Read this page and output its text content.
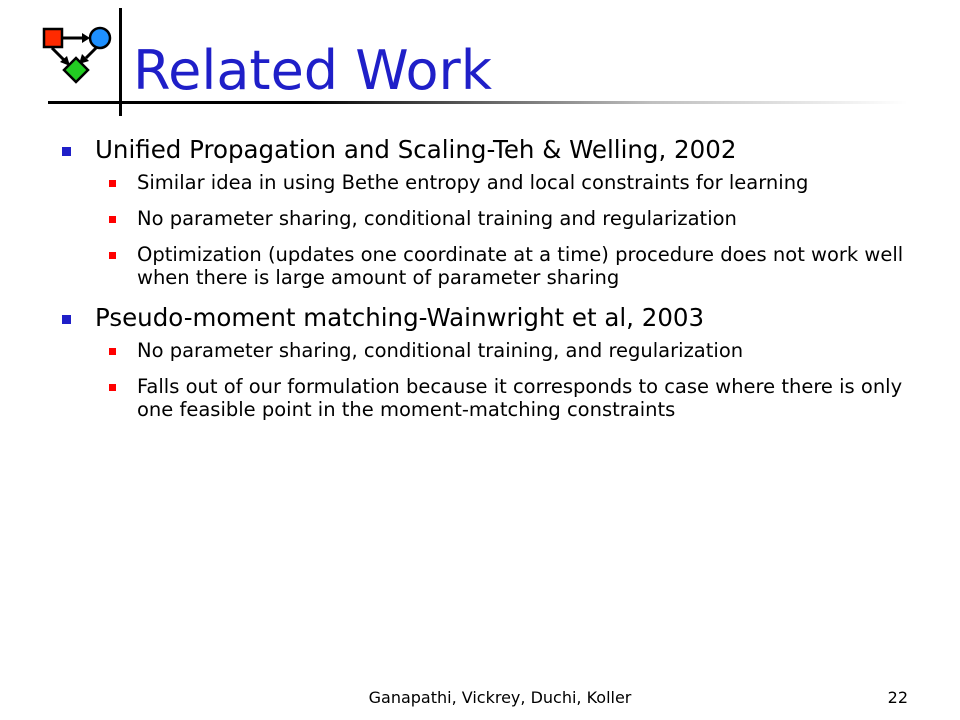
Related Work
Unified Propagation and Scaling-Teh & Welling, 2002
Similar idea in using Bethe entropy and local constraints for learning
No parameter sharing, conditional training and regularization
Optimization (updates one coordinate at a time) procedure does not work well when there is large amount of parameter sharing
Pseudo-moment matching-Wainwright et al, 2003
No parameter sharing, conditional training, and regularization
Falls out of our formulation because it corresponds to case where there is only one feasible point in the moment-matching constraints
Ganapathi, Vickrey, Duchi, Koller	22
